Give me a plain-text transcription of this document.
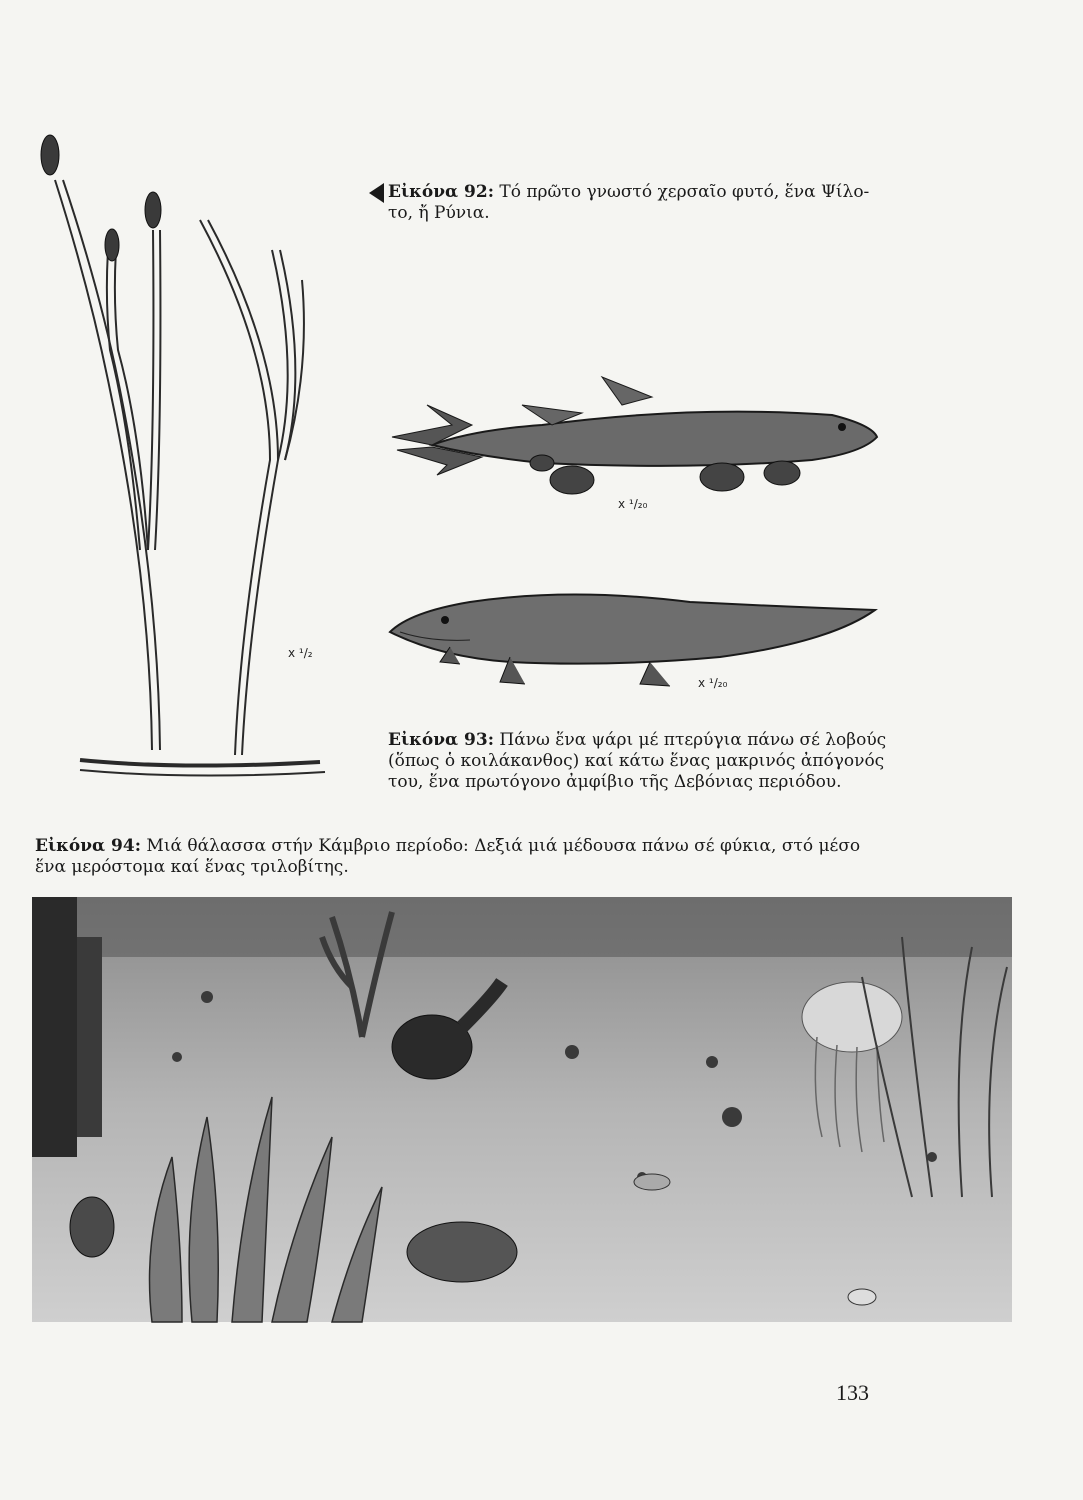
x ¹/₂
Εἰκόνα 92: Τό πρῶτο γνωστό χερσαῖο φυτό, ἕνα Ψίλο- το, ἤ Ρύνια.
x ¹/₂₀
x ¹/₂₀
Εἰκόνα 93: Πάνω ἕνα ψάρι μέ πτερύγια πάνω σέ λοβούς (ὅπως ὁ κοιλάκανθος) καί κάτω ἕνας μακρινός ἀπόγονός του, ἕνα πρωτόγονο ἀμφίβιο τῆς Δεβόνιας περιόδου.
Εἰκόνα 94: Μιά θάλασσα στήν Κάμβριο περίοδο: Δεξιά μιά μέδουσα πάνω σέ φύκια, στό μέσο ἕνα μερόστομα καί ἕνας τριλοβίτης.
133
